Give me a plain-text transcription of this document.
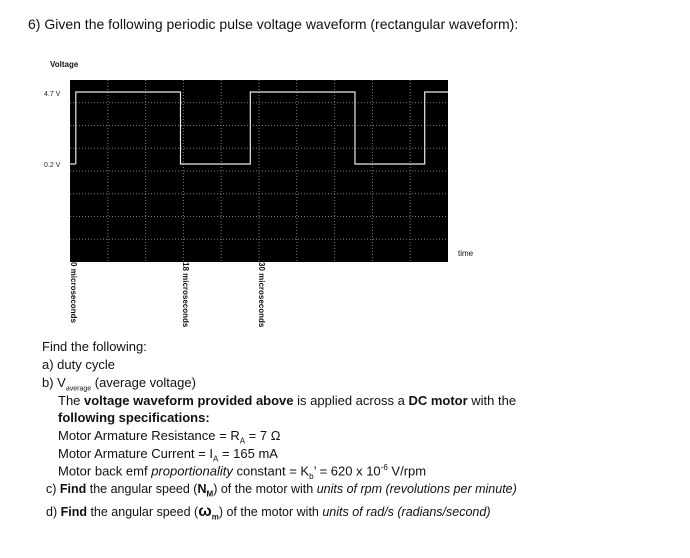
6) Given the following periodic pulse voltage waveform (rectangular waveform):
Voltage
4.7 V
0.2 V
time
0 microseconds	18 microseconds	30 microseconds
Find the following:
a) duty cycle
b) $V_{average}$ (average voltage)
The voltage waveform provided above is applied across a DC motor with the
following specifications:
Motor Armature Resistance = $R_A = 7$ Ω
Motor Armature Current = $I_A = 165$ mA
Motor back emf proportionality constant = $K_b$’ = 620 x $10^{-6}$ V/rpm
c) Find the angular speed $(N_M)$ of the motor with units of rpm (revolutions per minute)
d) Find the angular speed $(\omega_m)$ of the motor with units of rad/s (radians/second)
